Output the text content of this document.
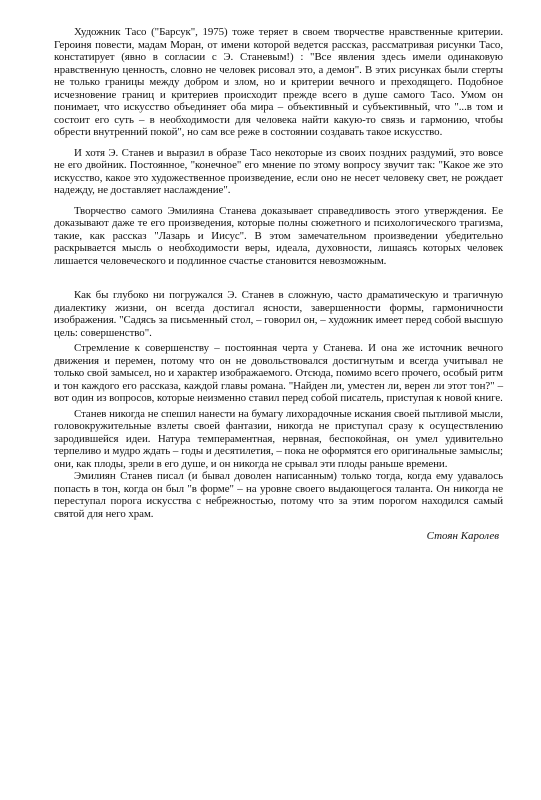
Художник Тасо ("Барсук", 1975) тоже теряет в своем творчестве нравственные критерии. Героиня повести, мадам Моран, от имени которой ведется рассказ, рассматривая рисунки Тасо, констатирует (явно в согласии с Э. Станевым!) : "Все явления здесь имели одинаковую нравственную ценность, словно не человек рисовал это, а демон". В этих рисунках были стерты не только границы между добром и злом, но и критерии вечного и преходящего. Подобное исчезновение границ и критериев происходит прежде всего в душе самого Тасо. Умом он понимает, что искусство объединяет оба мира – объективный и субъективный, что "...в том и состоит его суть – в необходимости для человека найти какую-то связь и гармонию, чтобы обрести внутренний покой", но сам все реже в состоянии создавать такое искусство.

И хотя Э. Станев и выразил в образе Тасо некоторые из своих поздних раздумий, это вовсе не его двойник. Постоянное, "конечное" его мнение по этому вопросу звучит так: "Какое же это искусство, какое это художественное произведение, если оно не несет человеку свет, не рождает надежду, не доставляет наслаждение".

Творчество самого Эмилияна Станева доказывает справедливость этого утверждения. Ее доказывают даже те его произведения, которые полны сюжетного и психологического трагизма, такие, как рассказ "Лазарь и Иисус". В этом замечательном произведении убедительно раскрывается мысль о необходимости веры, идеала, духовности, лишаясь которых человек лишается человеческого и подлинное счастье становится невозможным.

Как бы глубоко ни погружался Э. Станев в сложную, часто драматическую и трагичную диалектику жизни, он всегда достигал ясности, завершенности формы, гармоничности изображения. "Садясь за письменный стол, – говорил он, – художник имеет перед собой высшую цель: совершенство".

Стремление к совершенству – постоянная черта у Станева. И она же источник вечного движения и перемен, потому что он не довольствовался достигнутым и всегда учитывал не только свой замысел, но и характер изображаемого. Отсюда, помимо всего прочего, особый ритм и тон каждого его рассказа, каждой главы романа. "Найден ли, уместен ли, верен ли этот тон?" – вот один из вопросов, которые неизменно ставил перед собой писатель, приступая к новой книге.

Станев никогда не спешил нанести на бумагу лихорадочные искания своей пытливой мысли, головокружительные взлеты своей фантазии, никогда не приступал сразу к осуществлению зародившейся идеи. Натура темпераментная, нервная, беспокойная, он умел удивительно терпеливо и мудро ждать – годы и десятилетия, – пока не оформятся его оригинальные замыслы; они, как плоды, зрели в его душе, и он никогда не срывал эти плоды раньше времени.

Эмилиян Станев писал (и бывал доволен написанным) только тогда, когда ему удавалось попасть в тон, когда он был "в форме" – на уровне своего выдающегося таланта. Он никогда не переступал порога искусства с небрежностью, потому что за этим порогом находился самый святой для него храм.

Стоян Каролев
